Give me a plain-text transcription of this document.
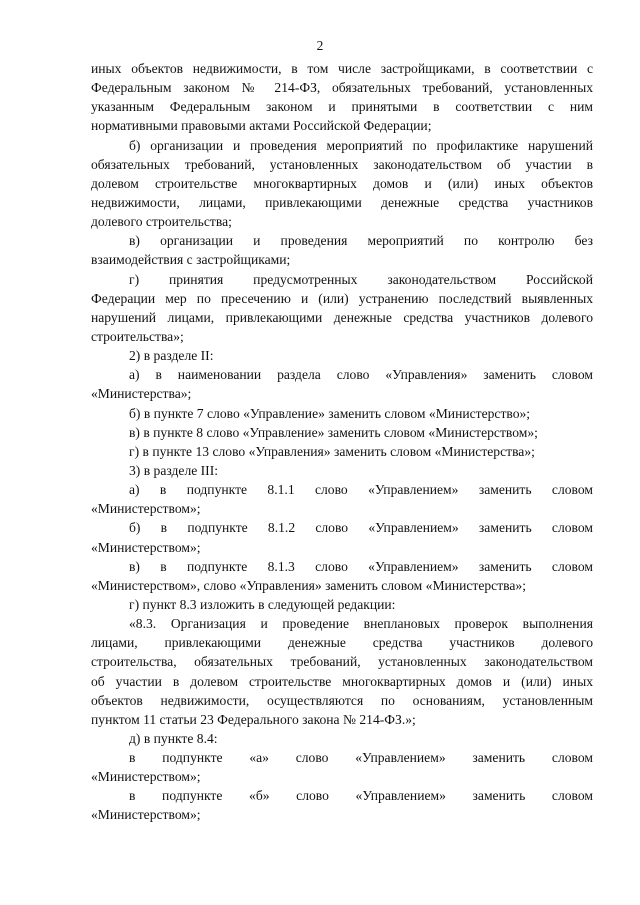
2
иных объектов недвижимости, в том числе застройщиками, в соответствии с
Федеральным законом № 214-ФЗ, обязательных требований, установленных
указанным Федеральным законом и принятыми в соответствии с ним
нормативными правовыми актами Российской Федерации;
б) организации и проведения мероприятий по профилактике нарушений
обязательных требований, установленных законодательством об участии в
долевом строительстве многоквартирных домов и (или) иных объектов
недвижимости, лицами, привлекающими денежные средства участников
долевого строительства;
в) организации и проведения мероприятий по контролю без
взаимодействия с застройщиками;
г) принятия предусмотренных законодательством Российской
Федерации мер по пресечению и (или) устранению последствий выявленных
нарушений лицами, привлекающими денежные средства участников долевого
строительства»;
2) в разделе II:
а) в наименовании раздела слово «Управления» заменить словом
«Министерства»;
б) в пункте 7 слово «Управление» заменить словом «Министерство»;
в) в пункте 8 слово «Управление» заменить словом «Министерством»;
г) в пункте 13 слово «Управления» заменить словом «Министерства»;
3) в разделе III:
а) в подпункте 8.1.1 слово «Управлением» заменить словом
«Министерством»;
б) в подпункте 8.1.2 слово «Управлением» заменить словом
«Министерством»;
в) в подпункте 8.1.3 слово «Управлением» заменить словом
«Министерством», слово «Управления» заменить словом «Министерства»;
г) пункт 8.3 изложить в следующей редакции:
«8.3. Организация и проведение внеплановых проверок выполнения
лицами, привлекающими денежные средства участников долевого
строительства, обязательных требований, установленных законодательством
об участии в долевом строительстве многоквартирных домов и (или) иных
объектов недвижимости, осуществляются по основаниям, установленным
пунктом 11 статьи 23 Федерального закона № 214-ФЗ.»;
д) в пункте 8.4:
в подпункте «а» слово «Управлением» заменить словом
«Министерством»;
в подпункте «б» слово «Управлением» заменить словом
«Министерством»;
